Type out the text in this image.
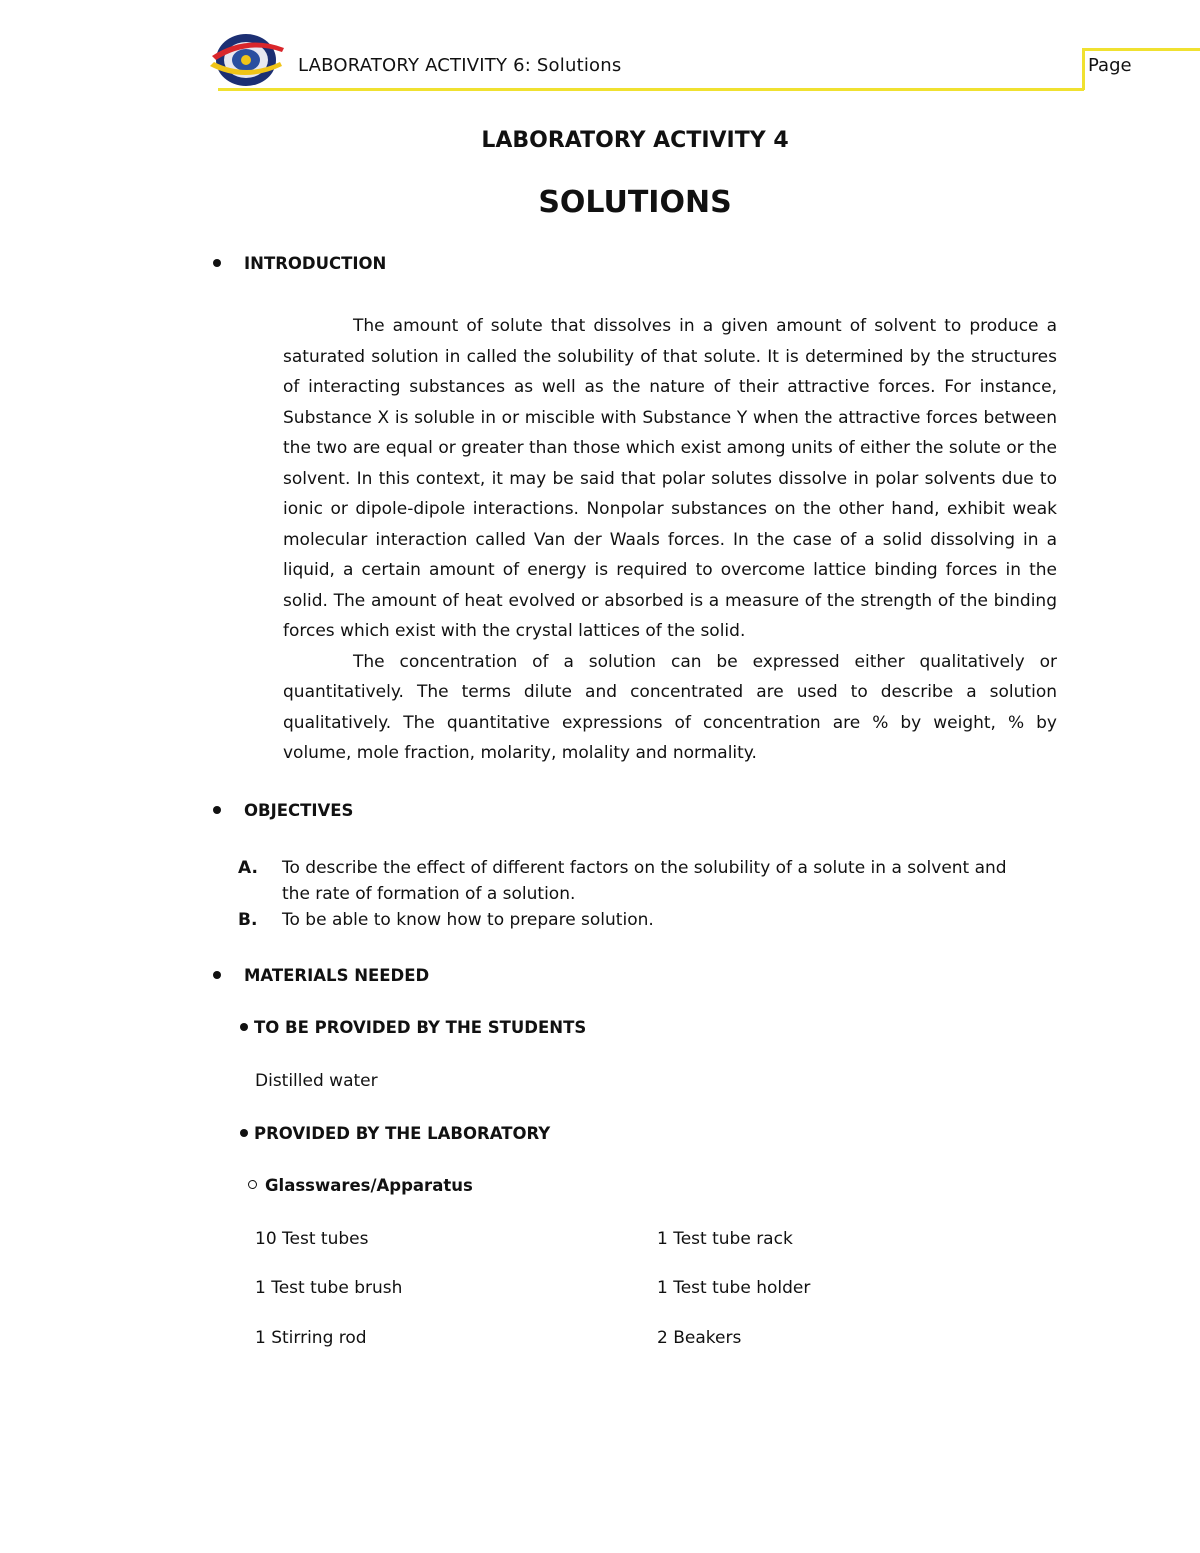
LABORATORY ACTIVITY 6: Solutions	Page
LABORATORY ACTIVITY 4
SOLUTIONS
INTRODUCTION

The amount of solute that dissolves in a given amount of solvent to produce a saturated solution in called the solubility of that solute. It is determined by the structures of interacting substances as well as the nature of their attractive forces. For instance, Substance X is soluble in or miscible with Substance Y when the attractive forces between the two are equal or greater than those which exist among units of either the solute or the solvent. In this context, it may be said that polar solutes dissolve in polar solvents due to ionic or dipole-dipole interactions. Nonpolar substances on the other hand, exhibit weak molecular interaction called Van der Waals forces. In the case of a solid dissolving in a liquid, a certain amount of energy is required to overcome lattice binding forces in the solid. The amount of heat evolved or absorbed is a measure of the strength of the binding forces which exist with the crystal lattices of the solid.

The concentration of a solution can be expressed either qualitatively or quantitatively. The terms dilute and concentrated are used to describe a solution qualitatively. The quantitative expressions of concentration are % by weight, % by volume, mole fraction, molarity, molality and normality.

OBJECTIVES
A. To describe the effect of different factors on the solubility of a solute in a solvent and
the rate of formation of a solution.
B. To be able to know how to prepare solution.
MATERIALS NEEDED
TO BE PROVIDED BY THE STUDENTS
Distilled water
PROVIDED BY THE LABORATORY
Glasswares/Apparatus
10 Test tubes	1 Test tube rack
1 Test tube brush	1 Test tube holder
1 Stirring rod	2 Beakers
